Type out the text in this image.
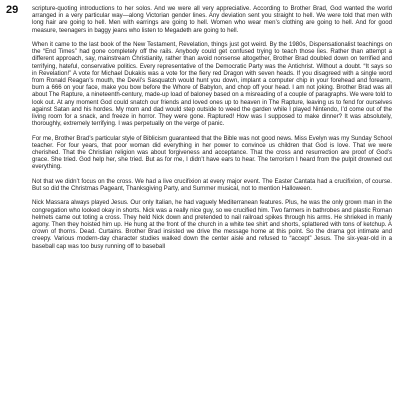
29 scripture-quoting introductions to her solos. And we were all very appreciative. According to Brother Brad, God wanted the world arranged in a very particular way—along Victorian gender lines. Any deviation sent you straight to hell. We were told that men with long hair are going to hell. Men with earrings are going to hell. Women who wear men’s clothing are going to hell. And for good measure, teenagers in baggy jeans who listen to Megadeth are going to hell.

When it came to the last book of the New Testament, Revelation, things just got weird. By the 1980s, Dispensationalist teachings on the “End Times” had gone completely off the rails. Anybody could get confused trying to teach those lies. Rather than attempt a different approach, say, mainstream Christianity, rather than avoid nonsense altogether, Brother Brad doubled down on terrified and terrifying, hateful, conservative politics. Every representative of the Democratic Party was the Antichrist. Without a doubt. “It says so in Revelation!” A vote for Michael Dukakis was a vote for the fiery red Dragon with seven heads. If you disagreed with a single word from Ronald Reagan’s mouth, the Devil’s Sasquatch would hunt you down, implant a computer chip in your forehead and forearm, burn a 666 on your face, make you bow before the Whore of Babylon, and chop off your head. I am not joking. Brother Brad was all about The Rapture, a nineteenth-century, made-up load of baloney based on a misreading of a couple of paragraphs. We were told to look out. At any moment God could snatch our friends and loved ones up to heaven in The Rapture, leaving us to fend for ourselves against Satan and his hordes. My mom and dad would step outside to weed the garden while I played Nintendo, I’d come out of the living room for a snack, and freeze in horror. They were gone. Raptured! How was I supposed to make dinner? It was absolutely, thoroughly, extremely terrifying. I was perpetually on the verge of panic.

For me, Brother Brad’s particular style of Biblicism guaranteed that the Bible was not good news. Miss Evelyn was my Sunday School teacher. For four years, that poor woman did everything in her power to convince us children that God is love. That we were cherished. That the Christian religion was about forgiveness and acceptance. That the cross and resurrection are proof of God’s grace. She tried. God help her, she tried. But as for me, I didn’t have ears to hear. The terrorism I heard from the pulpit drowned out everything.

Not that we didn’t focus on the cross. We had a live crucifixion at every major event. The Easter Cantata had a crucifixion, of course. But so did the Christmas Pageant, Thanksgiving Party, and Summer musical, not to mention Halloween.

Nick Massara always played Jesus. Our only Italian, he had vaguely Mediterranean features. Plus, he was the only grown man in the congregation who looked okay in shorts. Nick was a really nice guy, so we crucified him. Two farmers in bathrobes and plastic Roman helmets came out toting a cross. They held Nick down and pretended to nail railroad spikes through his arms. He shrieked in manly agony. Then they hoisted him up. He hung at the front of the church in a white tee shirt and shorts, splattered with tons of ketchup. A crown of thorns. Dead. Curtains. Brother Brad insisted we drive the message home at this point. So the drama got intimate and creepy. Various modern-day character studies walked down the center aisle and refused to “accept” Jesus. The six-year-old in a baseball cap was too busy running off to baseball
